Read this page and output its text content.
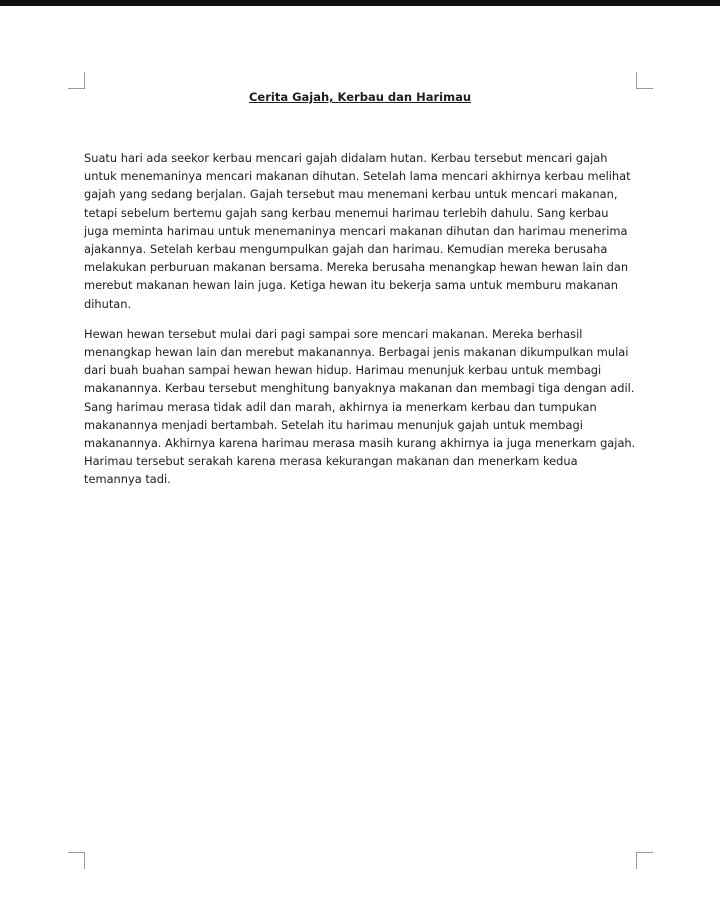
Cerita Gajah, Kerbau dan Harimau

Suatu hari ada seekor kerbau mencari gajah didalam hutan. Kerbau tersebut mencari gajah untuk menemaninya mencari makanan dihutan. Setelah lama mencari akhirnya kerbau melihat gajah yang sedang berjalan. Gajah tersebut mau menemani kerbau untuk mencari makanan, tetapi sebelum bertemu gajah sang kerbau menemui harimau terlebih dahulu. Sang kerbau juga meminta harimau untuk menemaninya mencari makanan dihutan dan harimau menerima ajakannya. Setelah kerbau mengumpulkan gajah dan harimau. Kemudian mereka berusaha melakukan perburuan makanan bersama. Mereka berusaha menangkap hewan hewan lain dan merebut makanan hewan lain juga. Ketiga hewan itu bekerja sama untuk memburu makanan dihutan.

Hewan hewan tersebut mulai dari pagi sampai sore mencari makanan. Mereka berhasil menangkap hewan lain dan merebut makanannya. Berbagai jenis makanan dikumpulkan mulai dari buah buahan sampai hewan hewan hidup. Harimau menunjuk kerbau untuk membagi makanannya. Kerbau tersebut menghitung banyaknya makanan dan membagi tiga dengan adil. Sang harimau merasa tidak adil dan marah, akhirnya ia menerkam kerbau dan tumpukan makanannya menjadi bertambah. Setelah itu harimau menunjuk gajah untuk membagi makanannya. Akhirnya karena harimau merasa masih kurang akhirnya ia juga menerkam gajah. Harimau tersebut serakah karena merasa kekurangan makanan dan menerkam kedua temannya tadi.
